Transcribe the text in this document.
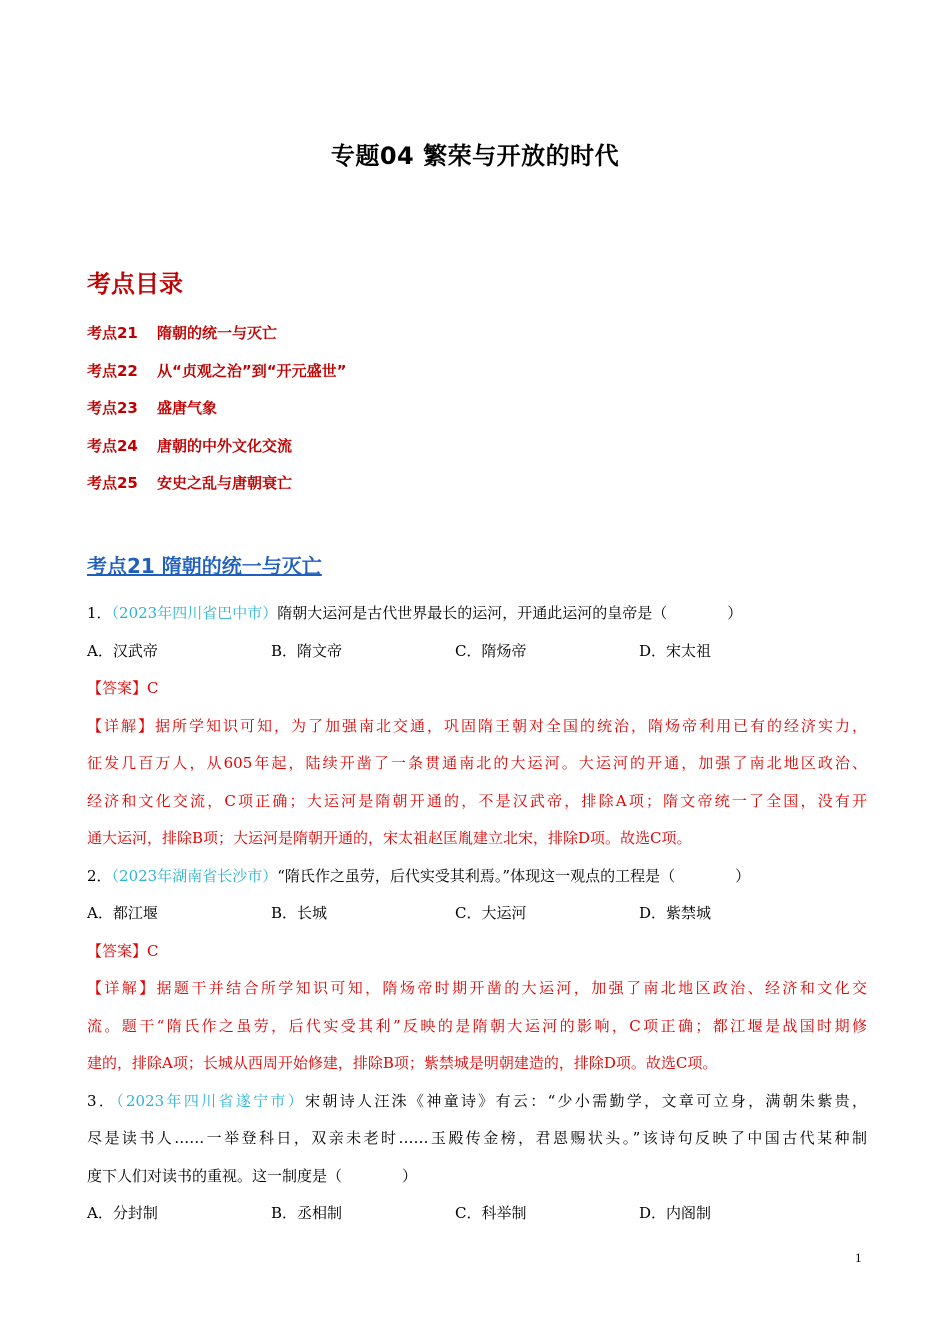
专题04 繁荣与开放的时代
考点目录
考点21 隋朝的统一与灭亡
考点22 从“贞观之治”到“开元盛世”
考点23 盛唐气象
考点24 唐朝的中外文化交流
考点25 安史之乱与唐朝衰亡
考点21 隋朝的统一与灭亡
1．（2023年四川省巴中市）隋朝大运河是古代世界最长的运河，开通此运河的皇帝是（　　　　）
A．汉武帝	B．隋文帝	C．隋炀帝	D．宋太祖
【答案】C
【详解】据所学知识可知，为了加强南北交通，巩固隋王朝对全国的统治，隋炀帝利用已有的经济实力，
征发几百万人，从605年起，陆续开凿了一条贯通南北的大运河。大运河的开通，加强了南北地区政治、
经济和文化交流，C项正确；大运河是隋朝开通的，不是汉武帝，排除A项；隋文帝统一了全国，没有开
通大运河，排除B项；大运河是隋朝开通的，宋太祖赵匡胤建立北宋，排除D项。故选C项。
2．（2023年湖南省长沙市）“隋氏作之虽劳，后代实受其利焉。”体现这一观点的工程是（　　　　）
A．都江堰	B．长城	C．大运河	D．紫禁城
【答案】C
【详解】据题干并结合所学知识可知，隋炀帝时期开凿的大运河，加强了南北地区政治、经济和文化交
流。题干“隋氏作之虽劳，后代实受其利”反映的是隋朝大运河的影响，C项正确；都江堰是战国时期修
建的，排除A项；长城从西周开始修建，排除B项；紫禁城是明朝建造的，排除D项。故选C项。
3．（2023年四川省遂宁市）宋朝诗人汪洙《神童诗》有云：“少小需勤学，文章可立身，满朝朱紫贵，
尽是读书人……一举登科日，双亲未老时……玉殿传金榜，君恩赐状头。”该诗句反映了中国古代某种制
度下人们对读书的重视。这一制度是（　　　　）
A．分封制	B．丞相制	C．科举制	D．内阁制
1
